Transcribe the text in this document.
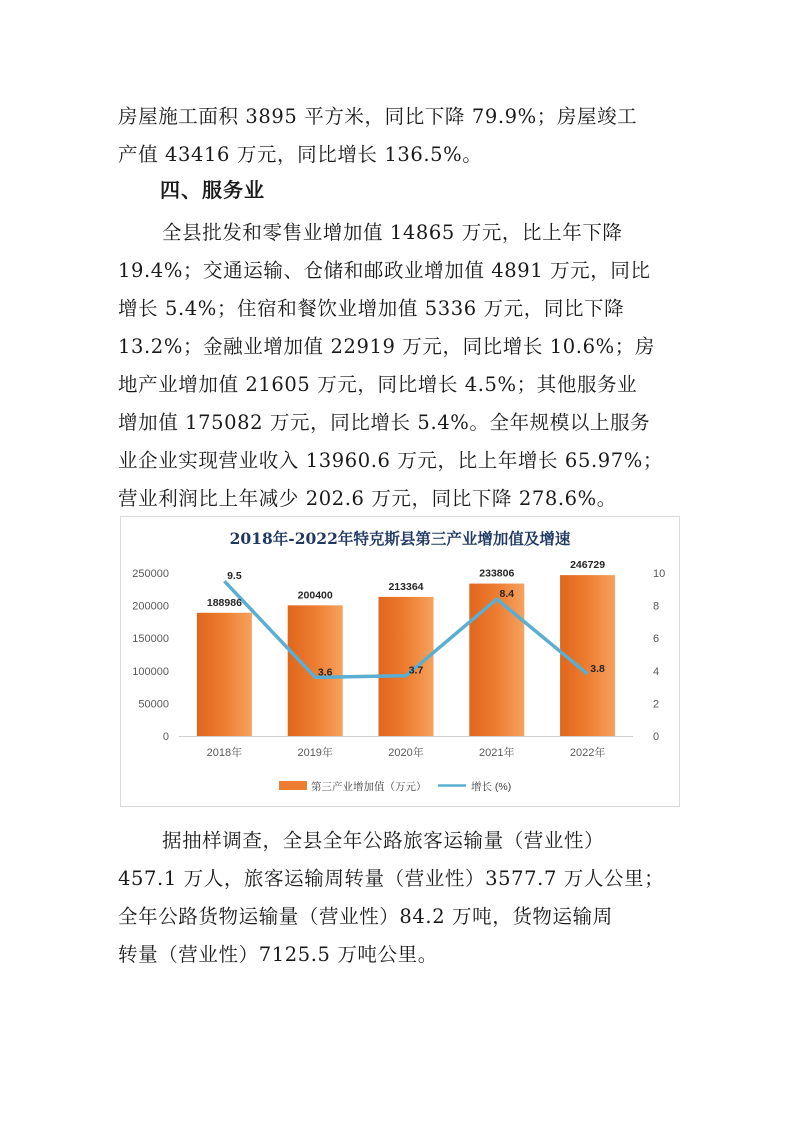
房屋施工面积 3895 平方米，同比下降 79.9%；房屋竣工
产值 43416 万元，同比增长 136.5%。
四、服务业
全县批发和零售业增加值 14865 万元，比上年下降
19.4%；交通运输、仓储和邮政业增加值 4891 万元，同比
增长 5.4%；住宿和餐饮业增加值 5336 万元，同比下降
13.2%；金融业增加值 22919 万元，同比增长 10.6%；房
地产业增加值 21605 万元，同比增长 4.5%；其他服务业
增加值 175082 万元，同比增长 5.4%。全年规模以上服务
业企业实现营业收入 13960.6 万元，比上年增长 65.97%；
营业利润比上年减少 202.6 万元，同比下降 278.6%。
2018年-2022年特克斯县第三产业增加值及增速
0
50000
100000
150000
200000
250000
0
2
4
6
8
10
2018年	2019年	2020年	2021年	2022年
188986
200400
213364
233806
246729
9.5
3.6	3.7
8.4
3.8
第三产业增加值（万元）	增长 (%)
据抽样调查，全县全年公路旅客运输量（营业性）
457.1 万人，旅客运输周转量（营业性）3577.7 万人公里；
全年公路货物运输量（营业性）84.2 万吨，货物运输周
转量（营业性）7125.5 万吨公里。
